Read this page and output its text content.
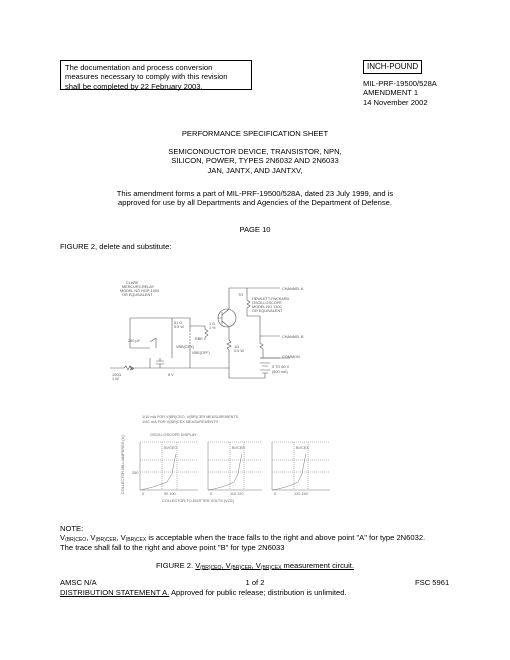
The documentation and process conversion
measures necessary to comply with this revision
shall be completed by 22 February 2003.
INCH-POUND
MIL-PRF-19500/528A
AMENDMENT 1
14 November 2002
PERFORMANCE SPECIFICATION SHEET
SEMICONDUCTOR DEVICE, TRANSISTOR, NPN,
SILICON, POWER, TYPES 2N6032 AND 2N6033
JAN, JANTX, AND JANTXV,
This amendment forms a part of MIL-PRF-19500/528A, dated 23 July 1999, and is
approved for use by all Departments and Agencies of the Department of Defense.
PAGE 10
FIGURE 2, delete and substitute:
CLARE
MERCURY-RELAY
MODEL NO HGP-1004
OR EQUIVALENT	TO
HEWLETT-PACKARD
OSCILLOSCOPE
MODEL NO 130C
OR EQUIVALENT
CHANNEL A
CHANNEL B
COMMON
0 TO 60 V
(500 mA)
51 Ω
0.5 W
1 Ω
1 %
200 μF	RBE
VBB(CEX)
VBE(OFF)
100Ω
1 W
6 V
1Ω
0.5 W
1/10 mA FOR V(BR)CEO, V(BR)CER MEASUREMENTS
1/4C mA FOR V(BR)CEX MEASUREMENTS
OSCILLOSCOPE DISPLAY
COLLECTOR-TO-EMITTER VOLTS (VCE)
COLLECTOR MILLIAMPERES (Ic)	BVCEO
250
0	90 100
BVCER
0	110 120
BVCEX
0	120 150
NOTE:
$V_{(BR)CEO}$, $V_{(BR)CER}$, $V_{(BR)CEX}$ is acceptable when the trace falls to the right and above point "A" for type 2N6032.
The trace shall fall to the right and above point "B" for type 2N6033
FIGURE 2. $V_{(BR)CEO}$, $V_{(BR)CER}$, $V_{(BR)CEX}$ measurement circuit.
AMSC N/A	1 of 2	FSC 5961
DISTRIBUTION STATEMENT A. Approved for public release; distribution is unlimited.
